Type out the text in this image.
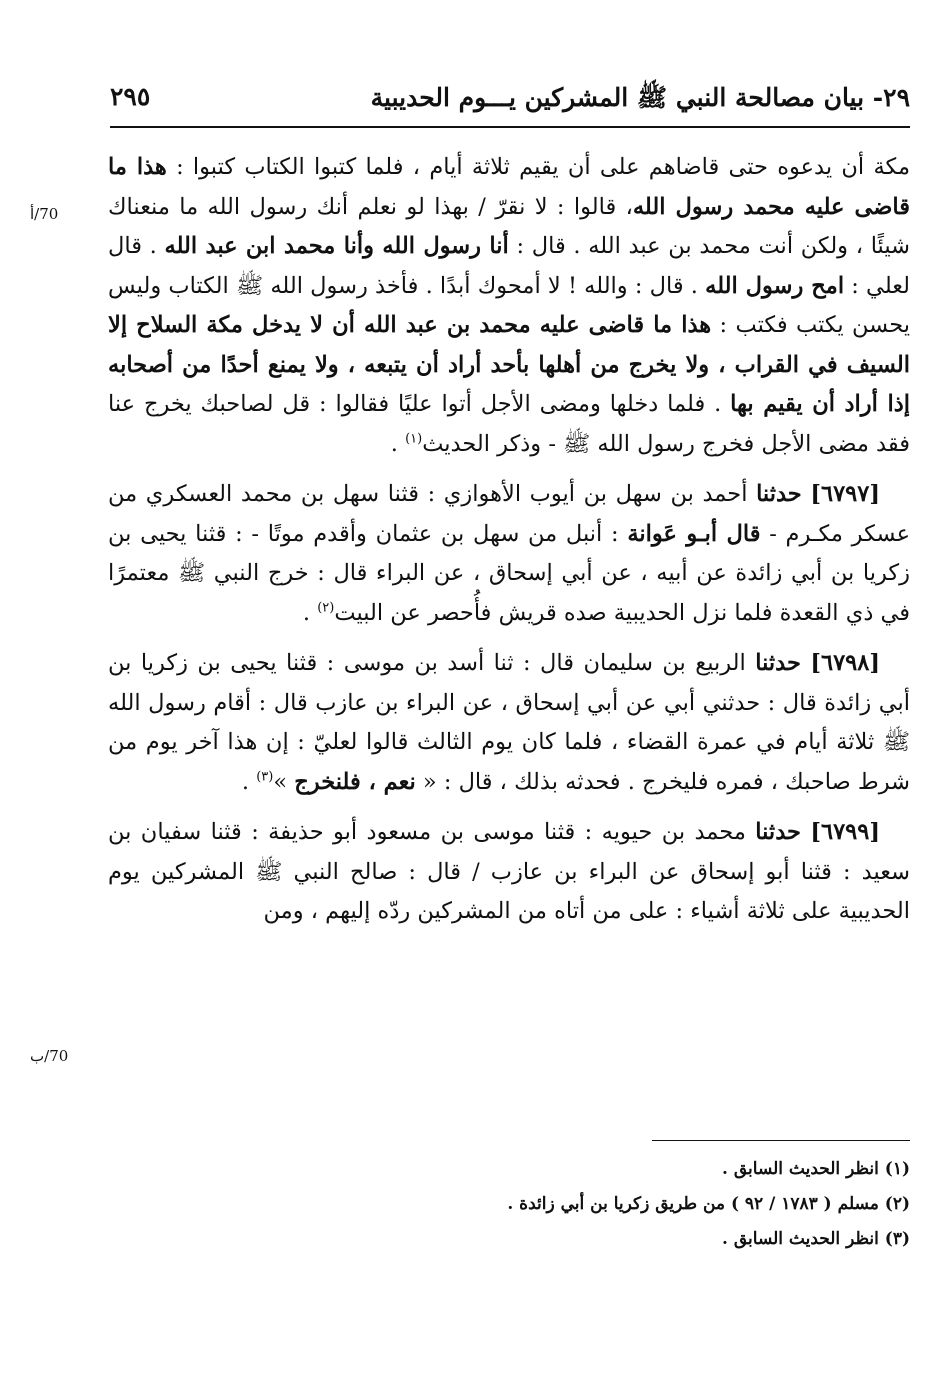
٢٩- بيان مصالحة النبي ﷺ المشركين يـــوم الحديبية
٢٩٥
70/أ
70/ب

مكة أن يدعوه حتى قاضاهم على أن يقيم ثلاثة أيام ، فلما كتبوا الكتاب كتبوا : هذا ما قاضى عليه محمد رسول الله، قالوا : لا نقرّ / بهذا لو نعلم أنك رسول الله ما منعناك شيئًا ، ولكن أنت محمد بن عبد الله . قال : أنا رسول الله وأنا محمد ابن عبد الله . قال لعلي : امح رسول الله . قال : والله ! لا أمحوك أبدًا . فأخذ رسول الله ﷺ الكتاب وليس يحسن يكتب فكتب : هذا ما قاضى عليه محمد بن عبد الله أن لا يدخل مكة السلاح إلا السيف في القراب ، ولا يخرج من أهلها بأحد أراد أن يتبعه ، ولا يمنع أحدًا من أصحابه إذا أراد أن يقيم بها . فلما دخلها ومضى الأجل أتوا عليًا فقالوا : قل لصاحبك يخرج عنا فقد مضى الأجل فخرج رسول الله ﷺ - وذكر الحديث$^{(١)}$ .

[٦٧٩٧] حدثنا أحمد بن سهل بن أيوب الأهوازي : قثنا سهل بن محمد العسكري من عسكر مكـرم - قال أبـو عَوانة : أنبل من سهل بن عثمان وأقدم موتًا - : قثنا يحيى بن زكريا بن أبي زائدة عن أبيه ، عن أبي إسحاق ، عن البراء قال : خرج النبي ﷺ معتمرًا في ذي القعدة فلما نزل الحديبية صده قريش فأُحصر عن البيت$^{(٢)}$ .

[٦٧٩٨] حدثنا الربيع بن سليمان قال : ثنا أسد بن موسى : قثنا يحيى بن زكريا بن أبي زائدة قال : حدثني أبي عن أبي إسحاق ، عن البراء بن عازب قال : أقام رسول الله ﷺ ثلاثة أيام في عمرة القضاء ، فلما كان يوم الثالث قالوا لعليّ : إن هذا آخر يوم من شرط صاحبك ، فمره فليخرج . فحدثه بذلك ، قال : « نعم ، فلنخرج »$^{(٣)}$ .

[٦٧٩٩] حدثنا محمد بن حيويه : قثنا موسى بن مسعود أبو حذيفة : قثنا سفيان بن سعيد : قثنا أبو إسحاق عن البراء بن عازب / قال : صالح النبي ﷺ المشركين يوم الحديبية على ثلاثة أشياء : على من أتاه من المشركين ردّه إليهم ، ومن

(١) انظر الحديث السابق .
(٢) مسلم ( ١٧٨٣ / ٩٢ ) من طريق زكريا بن أبي زائدة .
(٣) انظر الحديث السابق .
